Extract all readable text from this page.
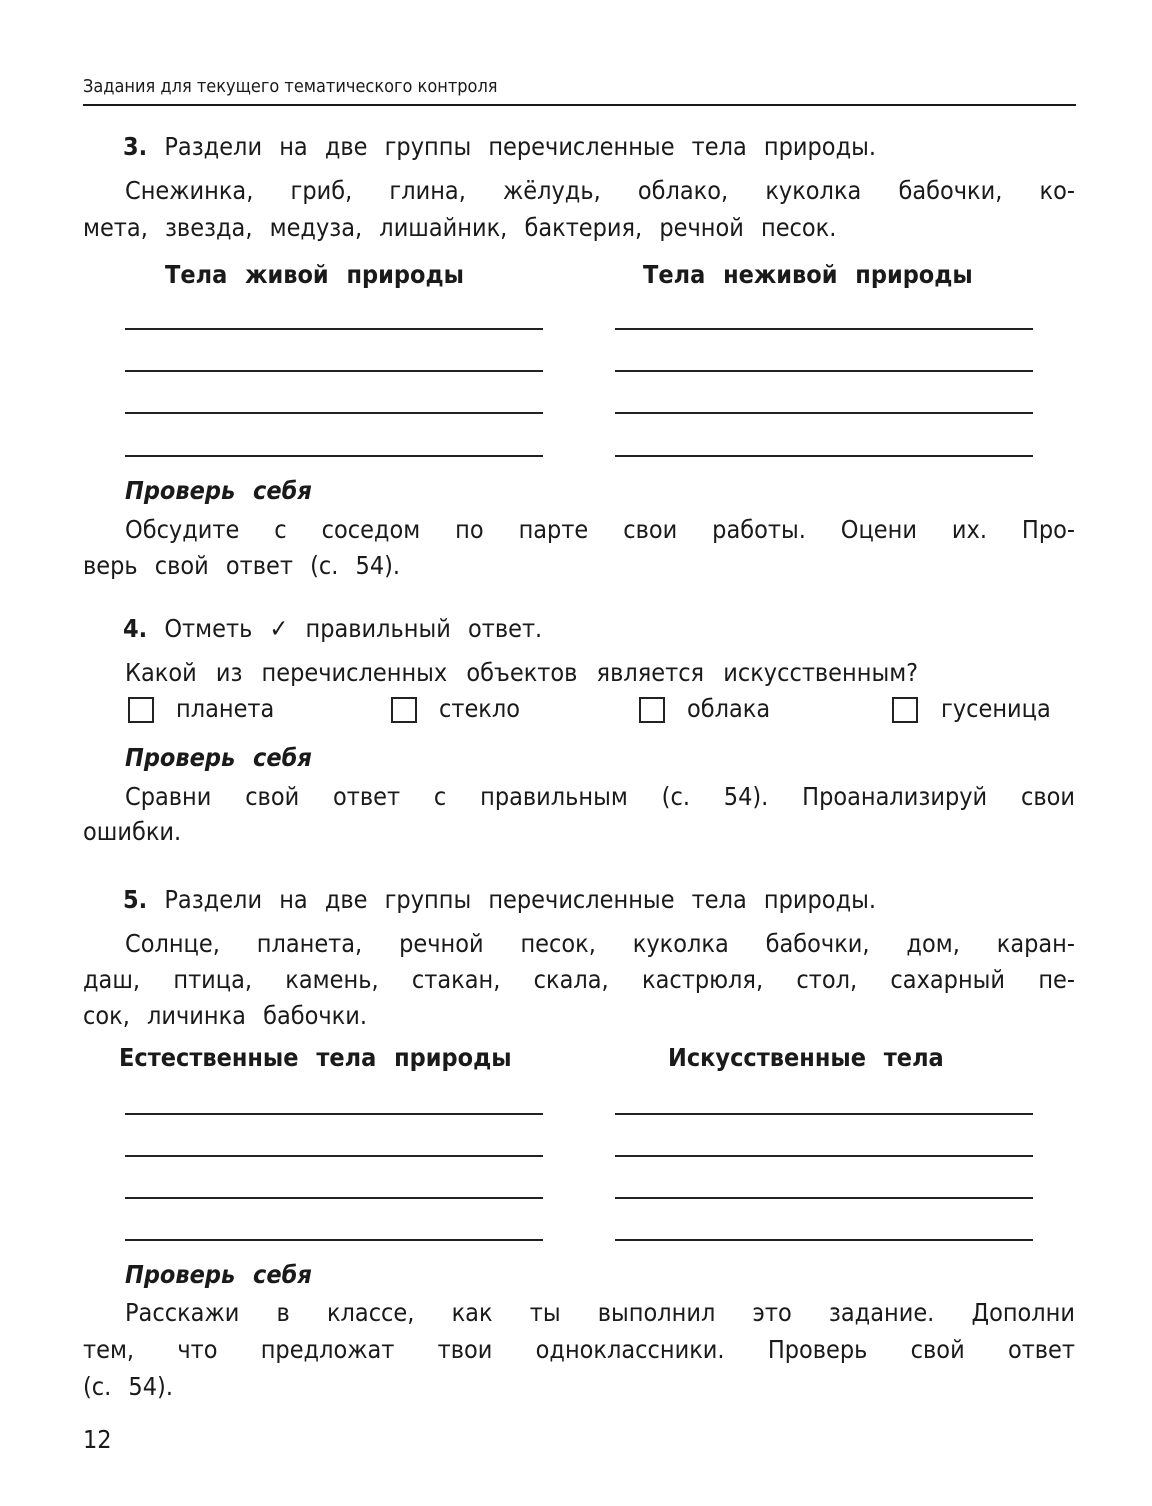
Задания для текущего тематического контроля
3. Раздели на две группы перечисленные тела природы.
Снежинка, гриб, глина, жёлудь, облако, куколка бабочки, ко-
мета, звезда, медуза, лишайник, бактерия, речной песок.
Тела живой природы	Тела неживой природы
Проверь себя
Обсудите с соседом по парте свои работы. Оцени их. Про-
верь свой ответ (с. 54).
4. Отметь ✓ правильный ответ.
Какой из перечисленных объектов является искусственным?
планета	стекло	облака	гусеница
Проверь себя
Сравни свой ответ с правильным (с. 54). Проанализируй свои
ошибки.
5. Раздели на две группы перечисленные тела природы.
Солнце, планета, речной песок, куколка бабочки, дом, каран-
даш, птица, камень, стакан, скала, кастрюля, стол, сахарный пе-
сок, личинка бабочки.
Естественные тела природы	Искусственные тела
Проверь себя
Расскажи в классе, как ты выполнил это задание. Дополни
тем, что предложат твои одноклассники. Проверь свой ответ
(с. 54).
12
